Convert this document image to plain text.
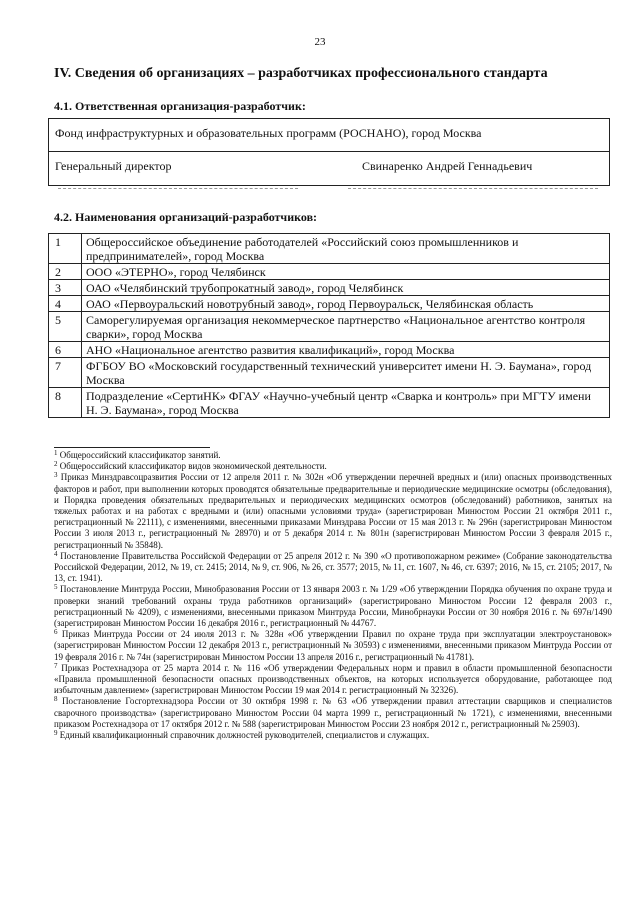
23
IV. Сведения об организациях – разработчиках профессионального стандарта
4.1. Ответственная организация-разработчик:
Фонд инфраструктурных и образовательных программ (РОСНАНО), город Москва
Генеральный директор	Свинаренко Андрей Геннадьевич
4.2. Наименования организаций-разработчиков:
1	Общероссийское объединение работодателей «Российский союз промышленников и предпринимателей», город Москва
2	ООО «ЭТЕРНО», город Челябинск
3	ОАО «Челябинский трубопрокатный завод», город Челябинск
4	ОАО «Первоуральский новотрубный завод», город Первоуральск, Челябинская область
5	Саморегулируемая организация некоммерческое партнерство «Национальное агентство контроля сварки», город Москва
6	АНО «Национальное агентство развития квалификаций», город Москва
7	ФГБОУ ВО «Московский государственный технический университет имени Н. Э. Баумана», город Москва
8	Подразделение «СертиНК» ФГАУ «Научно-учебный центр «Сварка и контроль» при МГТУ имени Н. Э. Баумана», город Москва

$^1$ Общероссийский классификатор занятий.

$^2$ Общероссийский классификатор видов экономической деятельности.

$^3$ Приказ Минздравсоцразвития России от 12 апреля 2011 г. № 302н «Об утверждении перечней вредных и (или) опасных производственных факторов и работ, при выполнении которых проводятся обязательные предварительные и периодические медицинские осмотры (обследования), и Порядка проведения обязательных предварительных и периодических медицинских осмотров (обследований) работников, занятых на тяжелых работах и на работах с вредными и (или) опасными условиями труда» (зарегистрирован Минюстом России 21 октября 2011 г., регистрационный № 22111), с изменениями, внесенными приказами Минздрава России от 15 мая 2013 г. № 296н (зарегистрирован Минюстом России 3 июля 2013 г., регистрационный № 28970) и от 5 декабря 2014 г. № 801н (зарегистрирован Минюстом России 3 февраля 2015 г., регистрационный № 35848).

$^4$ Постановление Правительства Российской Федерации от 25 апреля 2012 г. № 390 «О противопожарном режиме» (Собрание законодательства Российской Федерации, 2012, № 19, ст. 2415; 2014, № 9, ст. 906, № 26, ст. 3577; 2015, № 11, ст. 1607, № 46, ст. 6397; 2016, № 15, ст. 2105; 2017, № 13, ст. 1941).

$^5$ Постановление Минтруда России, Минобразования России от 13 января 2003 г. № 1/29 «Об утверждении Порядка обучения по охране труда и проверки знаний требований охраны труда работников организаций» (зарегистрировано Минюстом России 12 февраля 2003 г., регистрационный № 4209), с изменениями, внесенными приказом Минтруда России, Минобрнауки России от 30 ноября 2016 г. № 697н/1490 (зарегистрирован Минюстом России 16 декабря 2016 г., регистрационный № 44767.

$^6$ Приказ Минтруда России от 24 июля 2013 г. № 328н «Об утверждении Правил по охране труда при эксплуатации электроустановок» (зарегистрирован Минюстом России 12 декабря 2013 г., регистрационный № 30593) с изменениями, внесенными приказом Минтруда России от 19 февраля 2016 г. № 74н (зарегистрирован Минюстом России 13 апреля 2016 г., регистрационный № 41781).

$^7$ Приказ Ростехнадзора от 25 марта 2014 г. № 116 «Об утверждении Федеральных норм и правил в области промышленной безопасности «Правила промышленной безопасности опасных производственных объектов, на которых используется оборудование, работающее под избыточным давлением» (зарегистрирован Минюстом России 19 мая 2014 г. регистрационный № 32326).

$^8$ Постановление Госгортехнадзора России от 30 октября 1998 г. № 63 «Об утверждении правил аттестации сварщиков и специалистов сварочного производства» (зарегистрировано Минюстом России 04 марта 1999 г., регистрационный № 1721), с изменениями, внесенными приказом Ростехнадзора от 17 октября 2012 г. № 588 (зарегистрирован Минюстом России 23 ноября 2012 г., регистрационный № 25903).

$^9$ Единый квалификационный справочник должностей руководителей, специалистов и служащих.
